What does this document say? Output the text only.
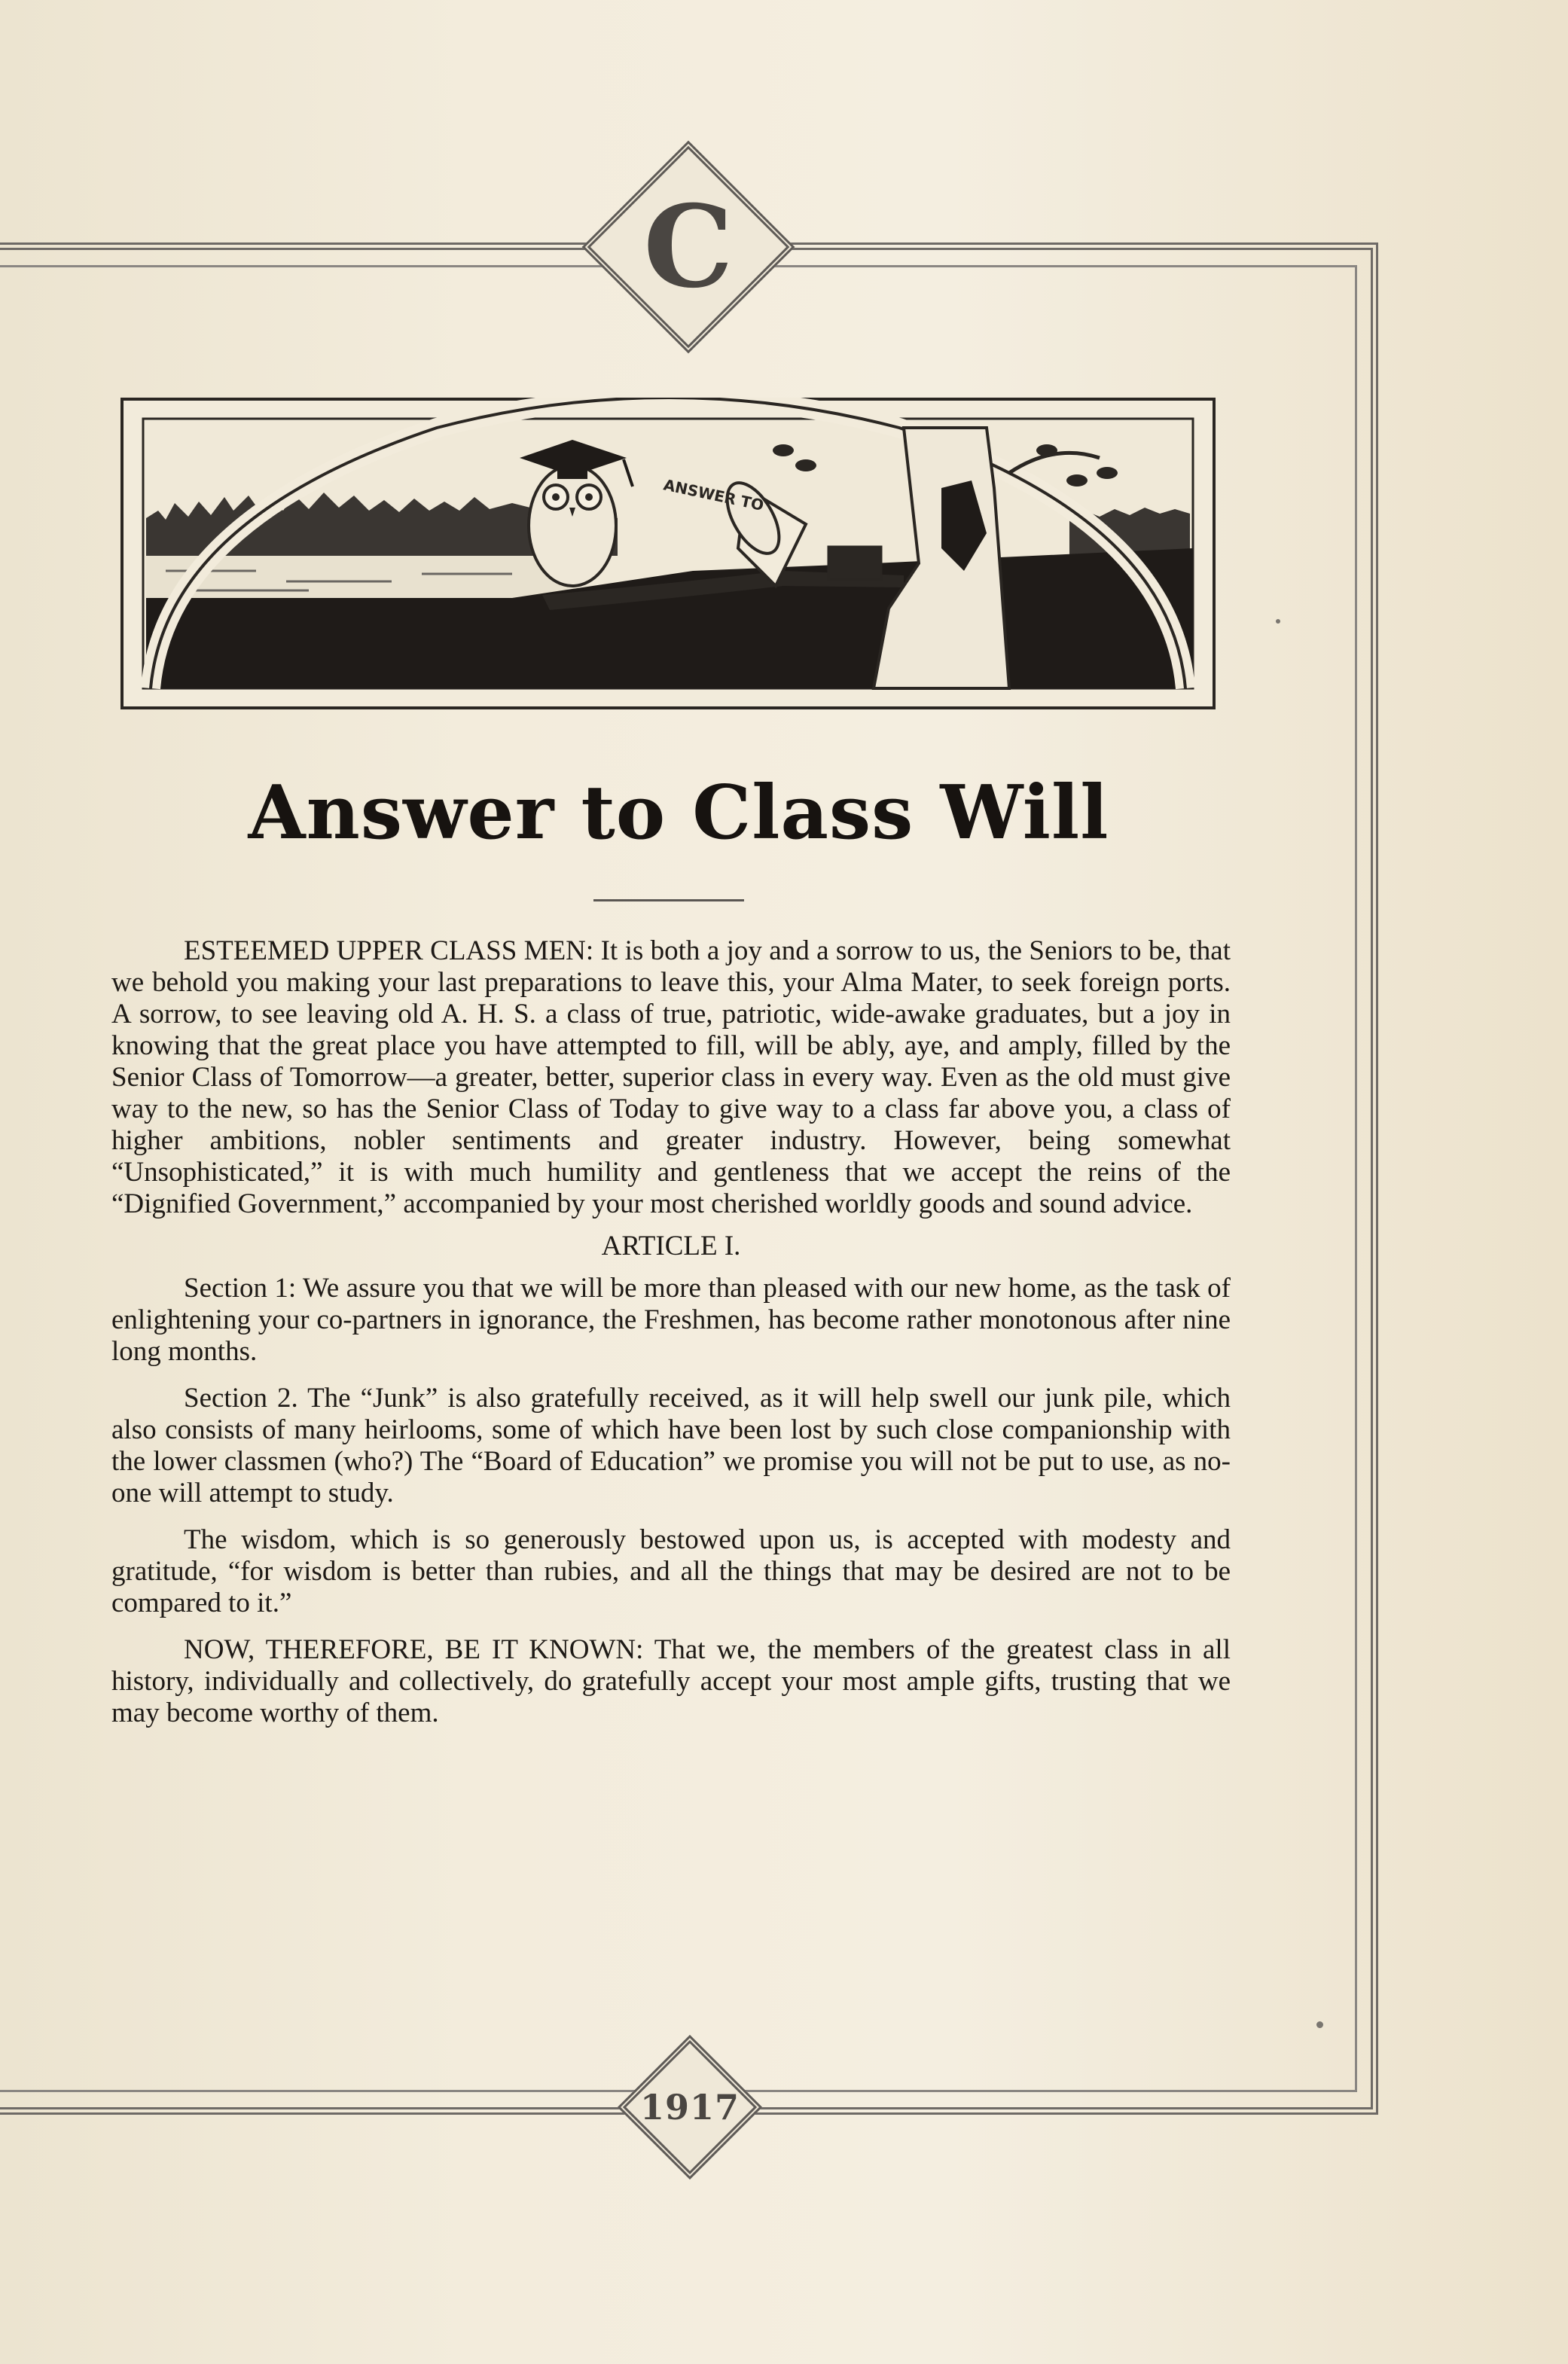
C
ANSWER TO
Answer to Class Will

ESTEEMED UPPER CLASS MEN: It is both a joy and a sorrow to us, the Seniors to be, that we behold you making your last preparations to leave this, your Alma Mater, to seek foreign ports. A sorrow, to see leaving old A. H. S. a class of true, patriotic, wide-awake graduates, but a joy in knowing that the great place you have attempted to fill, will be ably, aye, and amply, filled by the Senior Class of Tomorrow—a greater, better, superior class in every way. Even as the old must give way to the new, so has the Senior Class of Today to give way to a class far above you, a class of higher ambitions, nobler sentiments and greater industry. However, being somewhat “Unsophisticated,” it is with much humility and gentleness that we accept the reins of the “Dignified Government,” accompanied by your most cherished worldly goods and sound advice.

ARTICLE I.

Section 1: We assure you that we will be more than pleased with our new home, as the task of enlightening your co-partners in ignorance, the Freshmen, has become rather monotonous after nine long months.

Section 2. The “Junk” is also gratefully received, as it will help swell our junk pile, which also consists of many heirlooms, some of which have been lost by such close companionship with the lower classmen (who?) The “Board of Education” we promise you will not be put to use, as no-one will attempt to study.

The wisdom, which is so generously bestowed upon us, is accepted with modesty and gratitude, “for wisdom is better than rubies, and all the things that may be desired are not to be compared to it.”

NOW, THEREFORE, BE IT KNOWN: That we, the members of the greatest class in all history, individually and collectively, do gratefully accept your most ample gifts, trusting that we may become worthy of them.

1917
